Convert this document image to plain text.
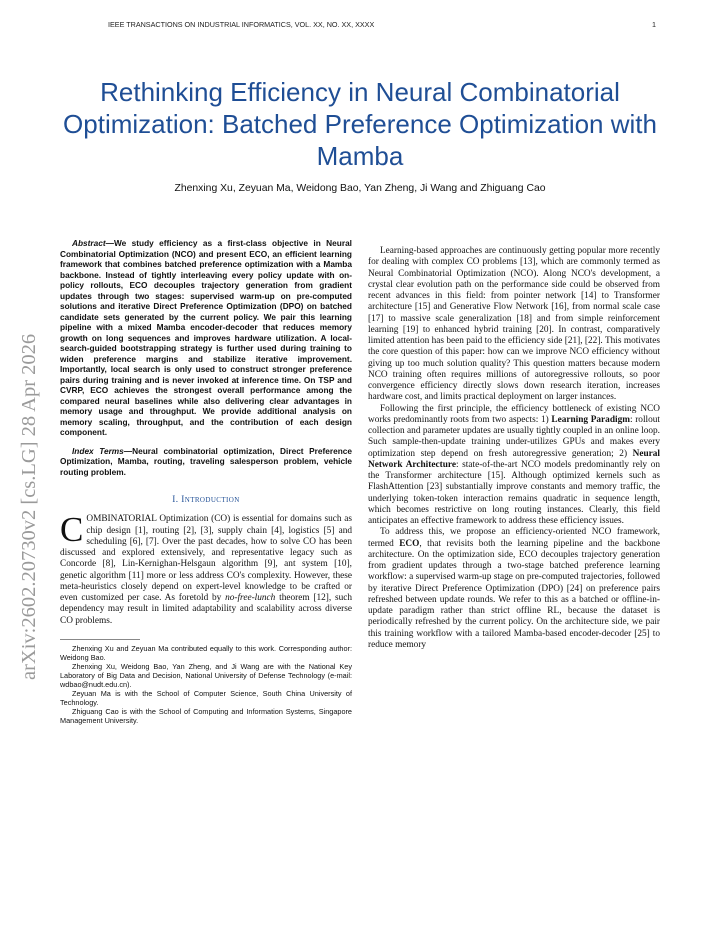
IEEE TRANSACTIONS ON INDUSTRIAL INFORMATICS, VOL. XX, NO. XX, XXXX	1
Rethinking Efficiency in Neural Combinatorial Optimization: Batched Preference Optimization with Mamba
Zhenxing Xu, Zeyuan Ma, Weidong Bao, Yan Zheng, Ji Wang and Zhiguang Cao
arXiv:2602.20730v2 [cs.LG] 28 Apr 2026

Abstract—We study efficiency as a first-class objective in Neural Combinatorial Optimization (NCO) and present ECO, an efficient learning framework that combines batched preference optimization with a Mamba backbone. Instead of tightly interleaving every policy update with on-policy rollouts, ECO decouples trajectory generation from gradient updates through two stages: supervised warm-up on pre-computed solutions and iterative Direct Preference Optimization (DPO) on batched candidate sets generated by the current policy. We pair this learning pipeline with a mixed Mamba encoder-decoder that reduces memory growth on long sequences and improves hardware utilization. A local-search-guided bootstrapping strategy is further used during training to widen preference margins and stabilize iterative improvement. Importantly, local search is only used to construct stronger preference pairs during training and is never invoked at inference time. On TSP and CVRP, ECO achieves the strongest overall performance among the compared neural baselines while also delivering clear advantages in memory usage and throughput. We provide additional analysis on memory scaling, throughput, and the contribution of each design component.

Index Terms—Neural combinatorial optimization, Direct Preference Optimization, Mamba, routing, traveling salesperson problem, vehicle routing problem.

I. Introduction

COMBINATORIAL Optimization (CO) is essential for domains such as chip design [1], routing [2], [3], supply chain [4], logistics [5] and scheduling [6], [7]. Over the past decades, how to solve CO has been discussed and explored extensively, and representative legacy such as Concorde [8], Lin-Kernighan-Helsgaun algorithm [9], ant system [10], genetic algorithm [11] more or less address CO's complexity. However, these meta-heuristics closely depend on expert-level knowledge to be crafted or even customized per case. As foretold by no-free-lunch theorem [12], such dependency may result in limited adaptability and scalability across diverse CO problems.

Zhenxing Xu and Zeyuan Ma contributed equally to this work. Corresponding author: Weidong Bao.

Zhenxing Xu, Weidong Bao, Yan Zheng, and Ji Wang are with the National Key Laboratory of Big Data and Decision, National University of Defense Technology (e-mail: wdbao@nudt.edu.cn).

Zeyuan Ma is with the School of Computer Science, South China University of Technology.

Zhiguang Cao is with the School of Computing and Information Systems, Singapore Management University.

Learning-based approaches are continuously getting popular more recently for dealing with complex CO problems [13], which are commonly termed as Neural Combinatorial Optimization (NCO). Along NCO's development, a crystal clear evolution path on the performance side could be observed from recent advances in this field: from pointer network [14] to Transformer architecture [15] and Generative Flow Network [16], from normal scale case [17] to massive scale generalization [18] and from simple reinforcement learning [19] to enhanced hybrid training [20]. In contrast, comparatively limited attention has been paid to the efficiency side [21], [22]. This motivates the core question of this paper: how can we improve NCO efficiency without giving up too much solution quality? This question matters because modern NCO training often requires millions of autoregressive rollouts, so poor convergence efficiency directly slows down research iteration, increases hardware cost, and limits practical deployment on larger instances.

Following the first principle, the efficiency bottleneck of existing NCO works predominantly roots from two aspects: 1) Learning Paradigm: rollout collection and parameter updates are usually tightly coupled in an online loop. Such sample-then-update training under-utilizes GPUs and makes every optimization step depend on fresh autoregressive generation; 2) Neural Network Architecture: state-of-the-art NCO models predominantly rely on the Transformer architecture [15]. Although optimized kernels such as FlashAttention [23] substantially improve constants and memory traffic, the underlying token-token interaction remains quadratic in sequence length, which becomes restrictive on long routing instances. Clearly, this field anticipates an effective framework to address these efficiency issues.

To address this, we propose an efficiency-oriented NCO framework, termed ECO, that revisits both the learning pipeline and the backbone architecture. On the optimization side, ECO decouples trajectory generation from gradient updates through a two-stage batched preference learning workflow: a supervised warm-up stage on pre-computed trajectories, followed by iterative Direct Preference Optimization (DPO) [24] on preference pairs refreshed between update rounds. We refer to this as a batched or offline-in-update paradigm rather than strict offline RL, because the dataset is periodically refreshed by the current policy. On the architecture side, we pair this training workflow with a tailored Mamba-based encoder-decoder [25] to reduce memory
